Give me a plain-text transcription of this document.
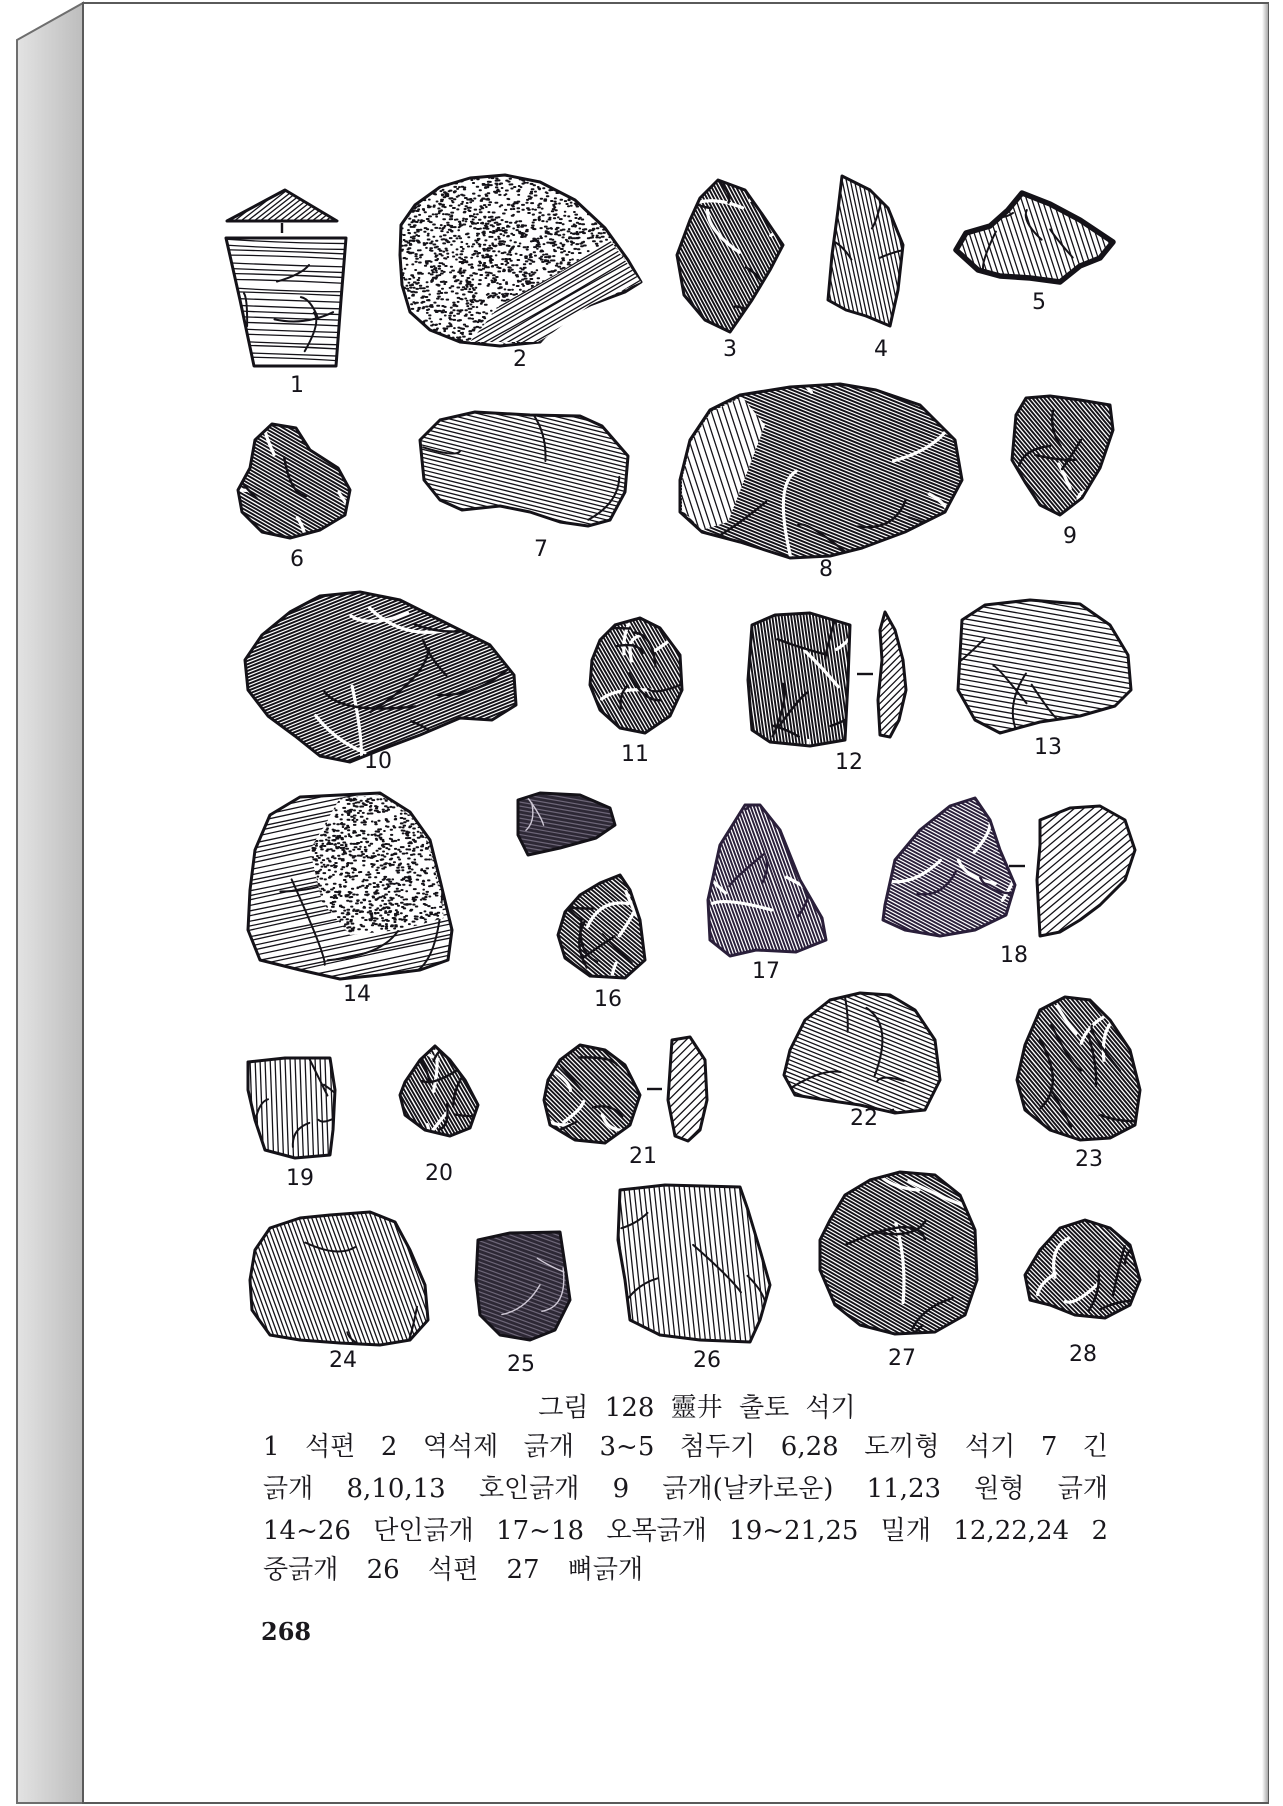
1
2	3	4
5
6	7
8
9
10	11	12
13
14	16
17
18
19	20
21
22
23
24	25	26	27	28
그림 128 靈井 출토 석기
1 석편 2 역석제 긁개 3~5 첨두기 6,28 도끼형 석기 7 긴
긁개 8,10,13 호인긁개 9 긁개(날카로운) 11,23 원형 긁개
14~26 단인긁개 17~18 오목긁개 19~21,25 밀개 12,22,24 2
중긁개 26 석편 27 뼈긁개
268
